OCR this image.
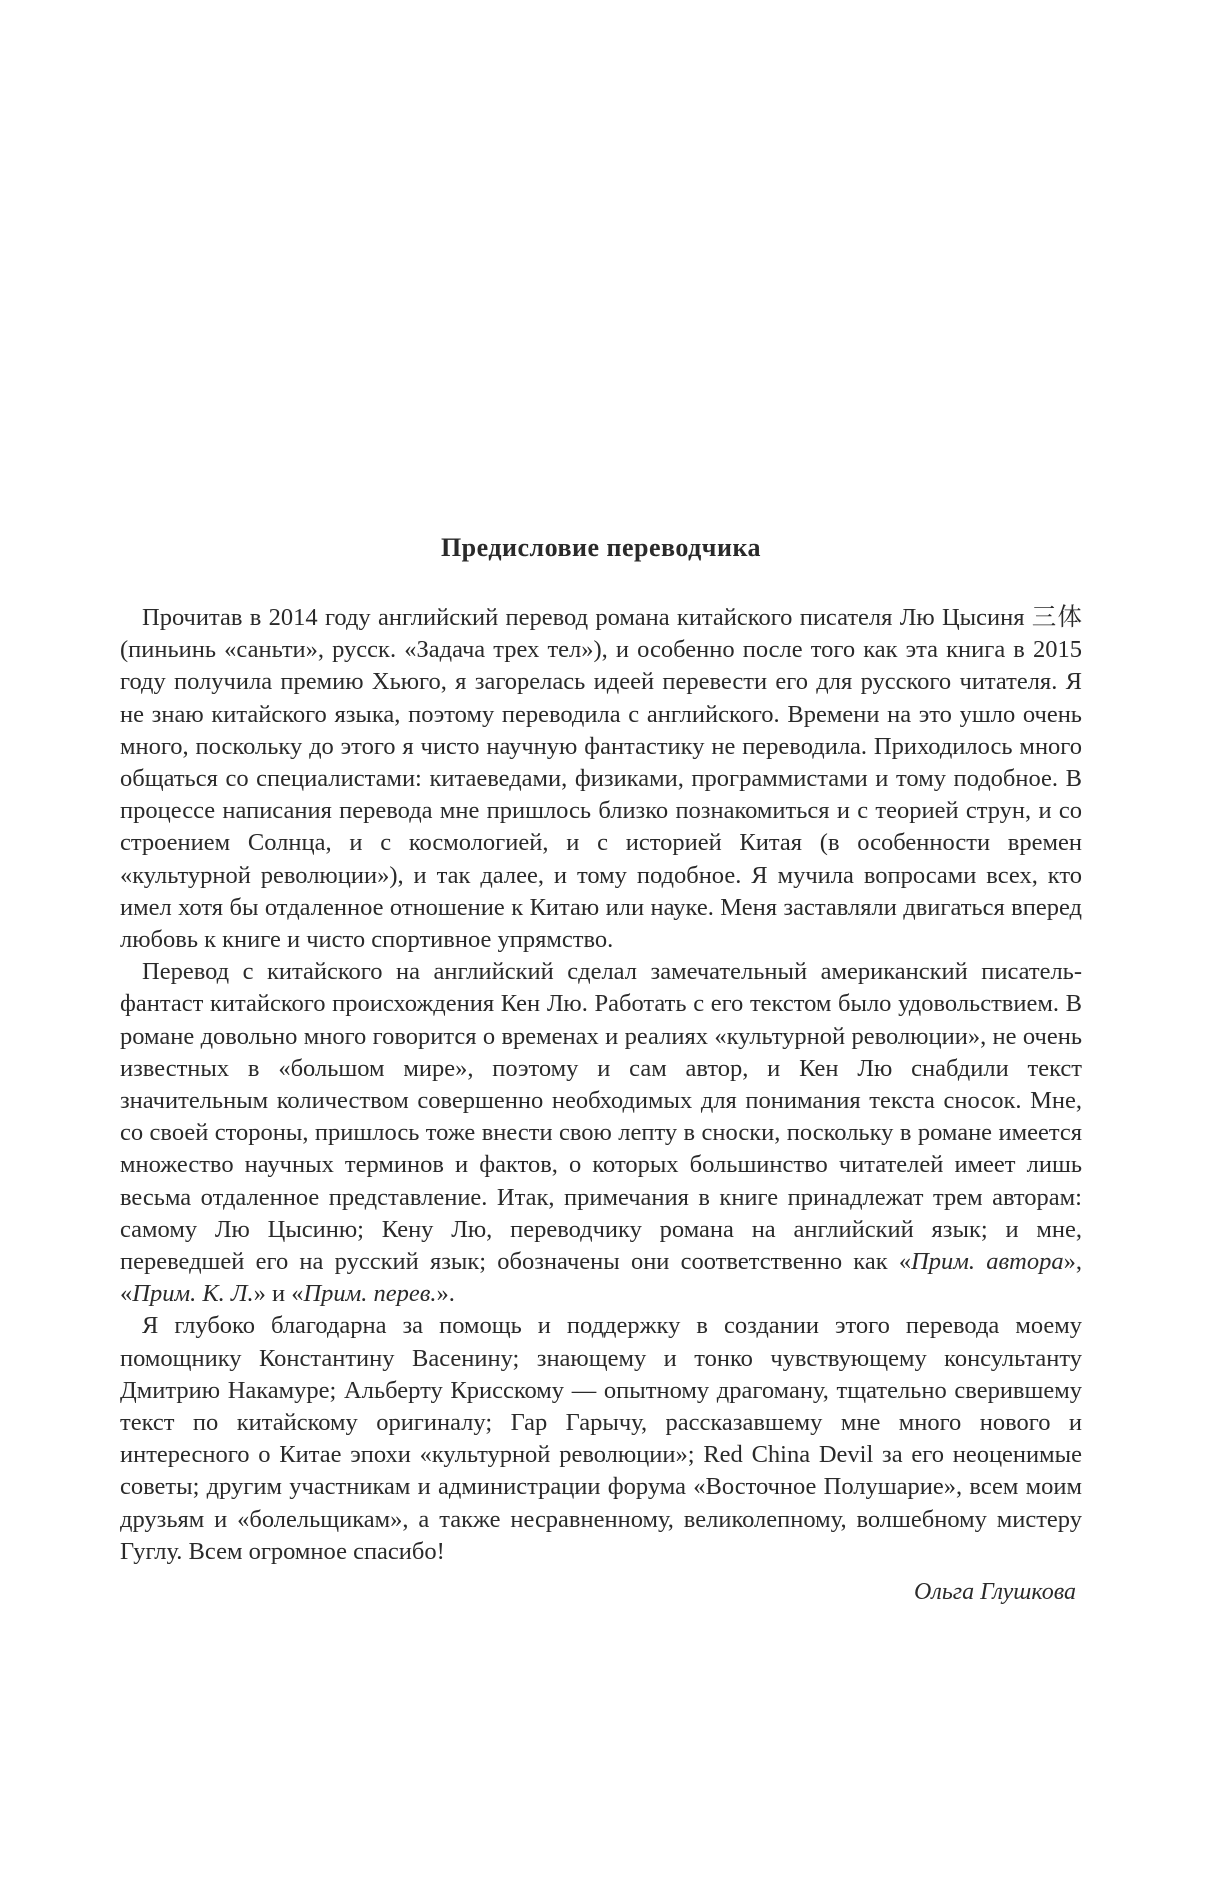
Предисловие переводчика

Прочитав в 2014 году английский перевод романа китайского писателя Лю Цысиня 三体 (пиньинь «саньти», русск. «Задача трех тел»), и особенно после того как эта книга в 2015 году получила премию Хьюго, я загорелась идеей перевести его для русского читателя. Я не знаю китайского языка, поэтому переводила с английского. Времени на это ушло очень много, поскольку до этого я чисто научную фантастику не переводила. Приходилось много общаться со специалистами: китаеведами, физиками, программистами и тому подобное. В процессе написания перевода мне пришлось близко познакомиться и с теорией струн, и со строением Солнца, и с космологией, и с историей Китая (в особенности времен «культурной революции»), и так далее, и тому подобное. Я мучила вопросами всех, кто имел хотя бы отдаленное отношение к Китаю или науке. Меня заставляли двигаться вперед любовь к книге и чисто спортивное упрямство.

Перевод с китайского на английский сделал замечательный американский писатель-фантаст китайского происхождения Кен Лю. Работать с его текстом было удовольствием. В романе довольно много говорится о временах и реалиях «культурной революции», не очень известных в «большом мире», поэтому и сам автор, и Кен Лю снабдили текст значительным количеством совершенно необходимых для понимания текста сносок. Мне, со своей стороны, пришлось тоже внести свою лепту в сноски, поскольку в романе имеется множество научных терминов и фактов, о которых большинство читателей имеет лишь весьма отдаленное представление. Итак, примечания в книге принадлежат трем авторам: самому Лю Цысиню; Кену Лю, переводчику романа на английский язык; и мне, переведшей его на русский язык; обозначены они соответственно как «Прим. автора», «Прим. К. Л.» и «Прим. перев.».

Я глубоко благодарна за помощь и поддержку в создании этого перевода моему помощнику Константину Васенину; знающему и тонко чувствующему консультанту Дмитрию Накамуре; Альберту Крисскому — опытному драгоману, тщательно сверившему текст по китайскому оригиналу; Гар Гарычу, рассказавшему мне много нового и интересного о Китае эпохи «культурной революции»; Red China Devil за его неоценимые советы; другим участникам и администрации форума «Восточное Полушарие», всем моим друзьям и «болельщикам», а также несравненному, великолепному, волшебному мистеру Гуглу. Всем огромное спасибо!

Ольга Глушкова
